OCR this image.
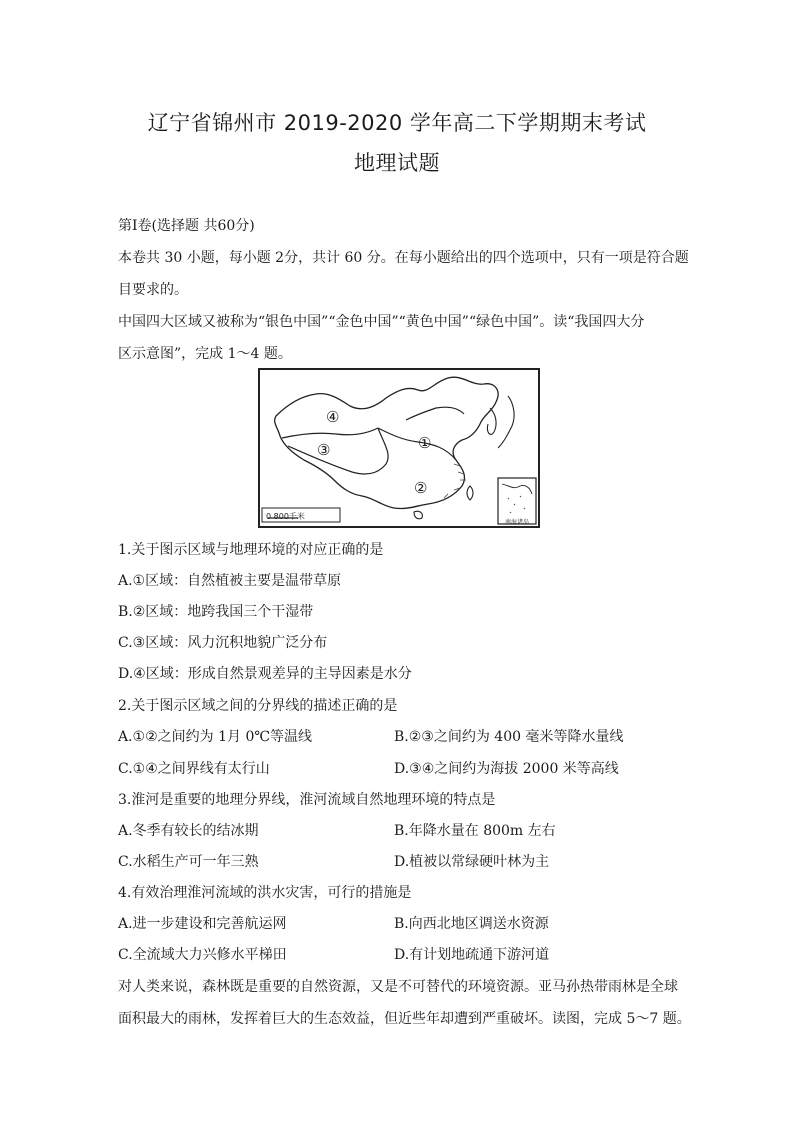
辽宁省锦州市 2019-2020 学年高二下学期期末考试
地理试题
第Ⅰ卷(选择题 共60分)
本卷共 30 小题，每小题 2分，共计 60 分。在每小题给出的四个选项中，只有一项是符合题
目要求的。
中国四大区域又被称为“银色中国”“金色中国”“黄色中国”“绿色中国”。读“我国四大分
区示意图”，完成 1～4 题。
④
③	①
②
0 800千米
南海诸岛
1.关于图示区域与地理环境的对应正确的是
A.①区域：自然植被主要是温带草原
B.②区域：地跨我国三个干湿带
C.③区域：风力沉积地貌广泛分布
D.④区域：形成自然景观差异的主导因素是水分
2.关于图示区域之间的分界线的描述正确的是
A.①②之间约为 1月 0℃等温线	B.②③之间约为 400 毫米等降水量线
C.①④之间界线有太行山	D.③④之间约为海拔 2000 米等高线
3.淮河是重要的地理分界线，淮河流域自然地理环境的特点是
A.冬季有较长的结冰期	B.年降水量在 800m 左右
C.水稻生产可一年三熟	D.植被以常绿硬叶林为主
4.有效治理淮河流域的洪水灾害，可行的措施是
A.进一步建设和完善航运网	B.向西北地区调送水资源
C.全流域大力兴修水平梯田	D.有计划地疏通下游河道
对人类来说，森林既是重要的自然资源，又是不可替代的环境资源。亚马孙热带雨林是全球
面积最大的雨林，发挥着巨大的生态效益，但近些年却遭到严重破坏。读图，完成 5～7 题。
